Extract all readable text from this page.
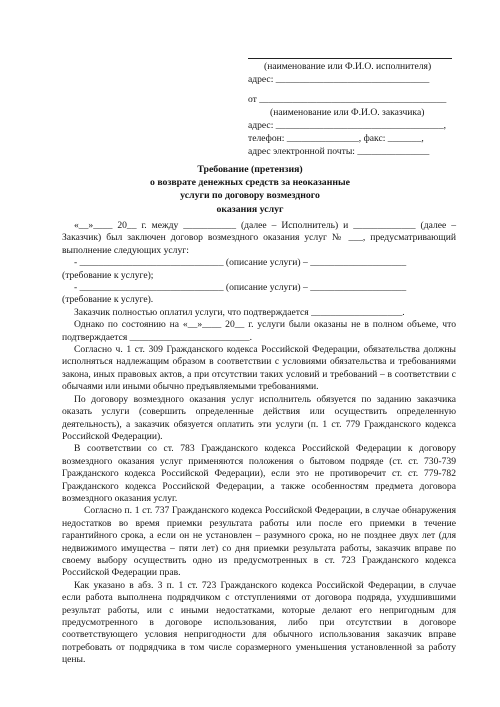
(наименование или Ф.И.О. исполнителя)
адрес: ________________________________
от _______________________________________
(наименование или Ф.И.О. заказчика)
адрес: ___________________________________,
телефон: _______________, факс: _______,
адрес электронной почты: _______________
Требование (претензия)
о возврате денежных средств за неоказанные
услуги по договору возмездного
оказания услуг

«__»____ 20__ г. между ___________ (далее – Исполнитель) и _____________ (далее – Заказчик) был заключен договор возмездного оказания услуг № ___, предусматривающий выполнение следующих услуг:

- ______________________________ (описание услуги) – ____________________

(требование к услуге);

- ______________________________ (описание услуги) – ____________________

(требование к услуге).

Заказчик полностью оплатил услуги, что подтверждается ___________________.

Однако по состоянию на «__»____ 20__ г. услуги были оказаны не в полном объеме, что подтверждается _________________________.

Согласно ч. 1 ст. 309 Гражданского кодекса Российской Федерации, обязательства должны исполняться надлежащим образом в соответствии с условиями обязательства и требованиями закона, иных правовых актов, а при отсутствии таких условий и требований – в соответствии с обычаями или иными обычно предъявляемыми требованиями.

По договору возмездного оказания услуг исполнитель обязуется по заданию заказчика оказать услуги (совершить определенные действия или осуществить определенную деятельность), а заказчик обязуется оплатить эти услуги (п. 1 ст. 779 Гражданского кодекса Российской Федерации).

В соответствии со ст. 783 Гражданского кодекса Российской Федерации к договору возмездного оказания услуг применяются положения о бытовом подряде (ст. ст. 730-739 Гражданского кодекса Российской Федерации), если это не противоречит ст. ст. 779-782 Гражданского кодекса Российской Федерации, а также особенностям предмета договора возмездного оказания услуг.

Согласно п. 1 ст. 737 Гражданского кодекса Российской Федерации, в случае обнаружения недостатков во время приемки результата работы или после его приемки в течение гарантийного срока, а если он не установлен – разумного срока, но не позднее двух лет (для недвижимого имущества – пяти лет) со дня приемки результата работы, заказчик вправе по своему выбору осуществить одно из предусмотренных в ст. 723 Гражданского кодекса Российской Федерации прав.

Как указано в абз. 3 п. 1 ст. 723 Гражданского кодекса Российской Федерации, в случае если работа выполнена подрядчиком с отступлениями от договора подряда, ухудшившими результат работы, или с иными недостатками, которые делают его непригодным для предусмотренного в договоре использования, либо при отсутствии в договоре соответствующего условия непригодности для обычного использования заказчик вправе потребовать от подрядчика в том числе соразмерного уменьшения установленной за работу цены.
